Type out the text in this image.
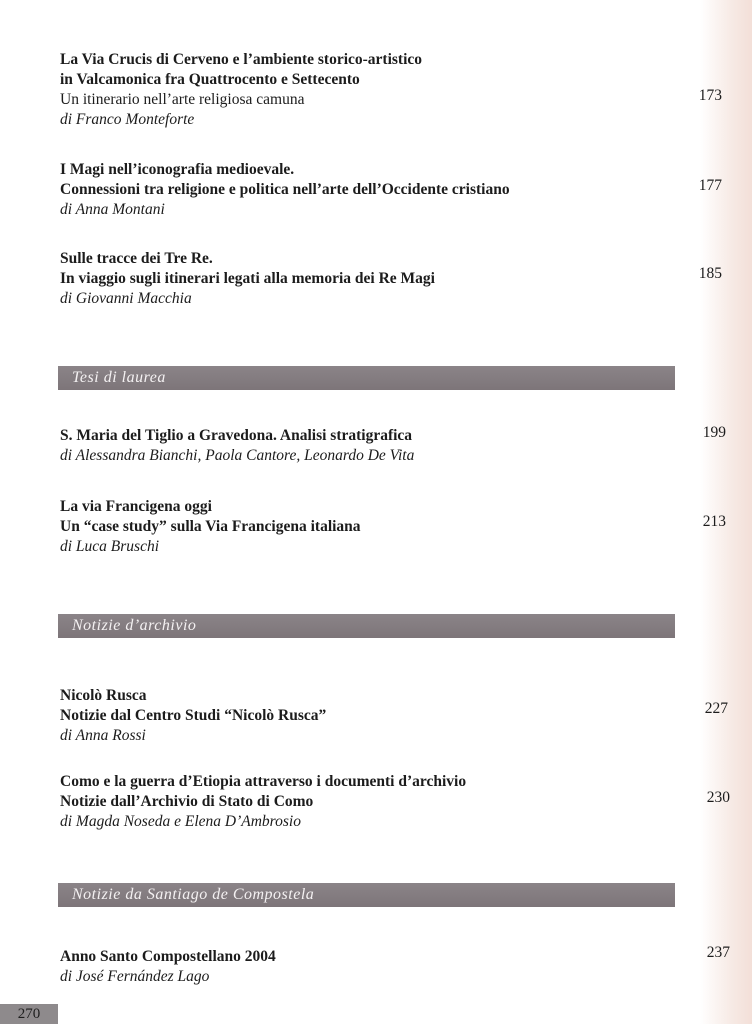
La Via Crucis di Cerveno e l’ambiente storico-artistico
in Valcamonica fra Quattrocento e Settecento
Un itinerario nell’arte religiosa camuna
di Franco Monteforte
173
I Magi nell’iconografia medioevale.
Connessioni tra religione e politica nell’arte dell’Occidente cristiano
di Anna Montani
177
Sulle tracce dei Tre Re.
In viaggio sugli itinerari legati alla memoria dei Re Magi
di Giovanni Macchia
185
Tesi di laurea
S. Maria del Tiglio a Gravedona. Analisi stratigrafica
di Alessandra Bianchi, Paola Cantore, Leonardo De Vita
199
La via Francigena oggi
Un “case study” sulla Via Francigena italiana
di Luca Bruschi
213
Notizie d’archivio
Nicolò Rusca
Notizie dal Centro Studi “Nicolò Rusca”
di Anna Rossi
227
Como e la guerra d’Etiopia attraverso i documenti d’archivio
Notizie dall’Archivio di Stato di Como
di Magda Noseda e Elena D’Ambrosio
230
Notizie da Santiago de Compostela
Anno Santo Compostellano 2004
di José Fernández Lago
237
270
